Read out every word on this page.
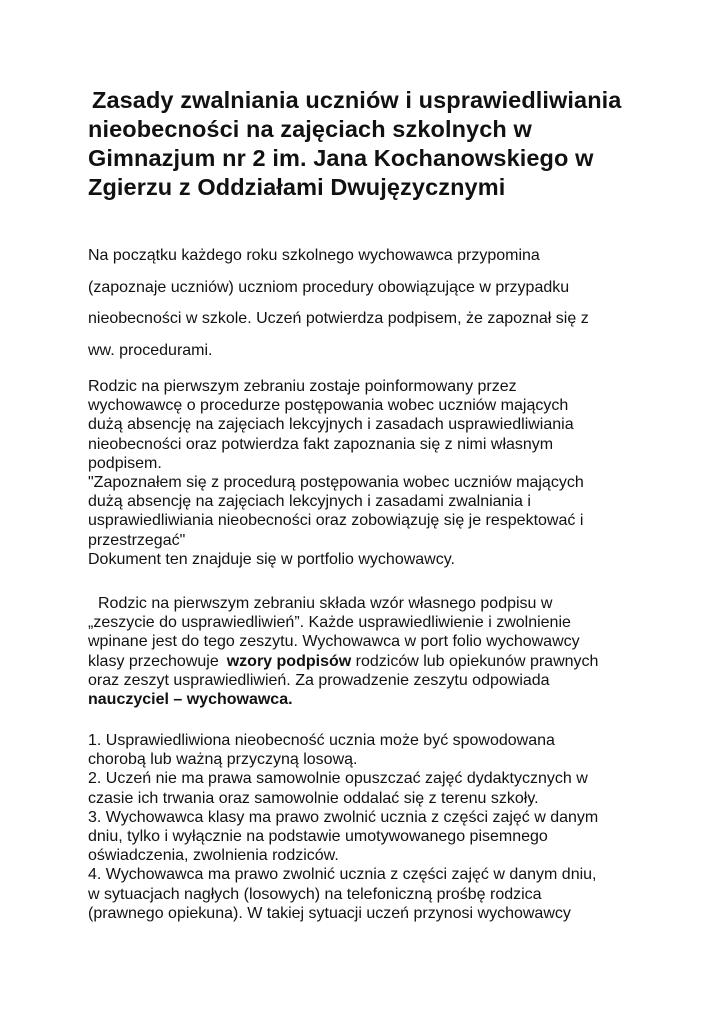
Zasady zwalniania uczniów i usprawiedliwiania
nieobecności na zajęciach szkolnych w
Gimnazjum nr 2 im. Jana Kochanowskiego w
Zgierzu z Oddziałami Dwujęzycznymi

Na początku każdego roku szkolnego wychowawca przypomina
(zapoznaje uczniów) uczniom procedury obowiązujące w przypadku
nieobecności w szkole. Uczeń potwierdza podpisem, że zapoznał się z
ww. procedurami.

Rodzic na pierwszym zebraniu zostaje poinformowany przez
wychowawcę o procedurze postępowania wobec uczniów mających
dużą absencję na zajęciach lekcyjnych i zasadach usprawiedliwiania
nieobecności oraz potwierdza fakt zapoznania się z nimi własnym
podpisem.
"Zapoznałem się z procedurą postępowania wobec uczniów mających
dużą absencję na zajęciach lekcyjnych i zasadami zwalniania i
usprawiedliwiania nieobecności oraz zobowiązuję się je respektować i
przestrzegać"
Dokument ten znajduje się w portfolio wychowawcy.

Rodzic na pierwszym zebraniu składa wzór własnego podpisu w
„zeszycie do usprawiedliwień”. Każde usprawiedliwienie i zwolnienie
wpinane jest do tego zeszytu. Wychowawca w port folio wychowawcy
klasy przechowuje wzory podpisów rodziców lub opiekunów prawnych
oraz zeszyt usprawiedliwień. Za prowadzenie zeszytu odpowiada
nauczyciel – wychowawca.

1. Usprawiedliwiona nieobecność ucznia może być spowodowana
chorobą lub ważną przyczyną losową.
2. Uczeń nie ma prawa samowolnie opuszczać zajęć dydaktycznych w
czasie ich trwania oraz samowolnie oddalać się z terenu szkoły.
3. Wychowawca klasy ma prawo zwolnić ucznia z części zajęć w danym
dniu, tylko i wyłącznie na podstawie umotywowanego pisemnego
oświadczenia, zwolnienia rodziców.
4. Wychowawca ma prawo zwolnić ucznia z części zajęć w danym dniu,
w sytuacjach nagłych (losowych) na telefoniczną prośbę rodzica
(prawnego opiekuna). W takiej sytuacji uczeń przynosi wychowawcy
